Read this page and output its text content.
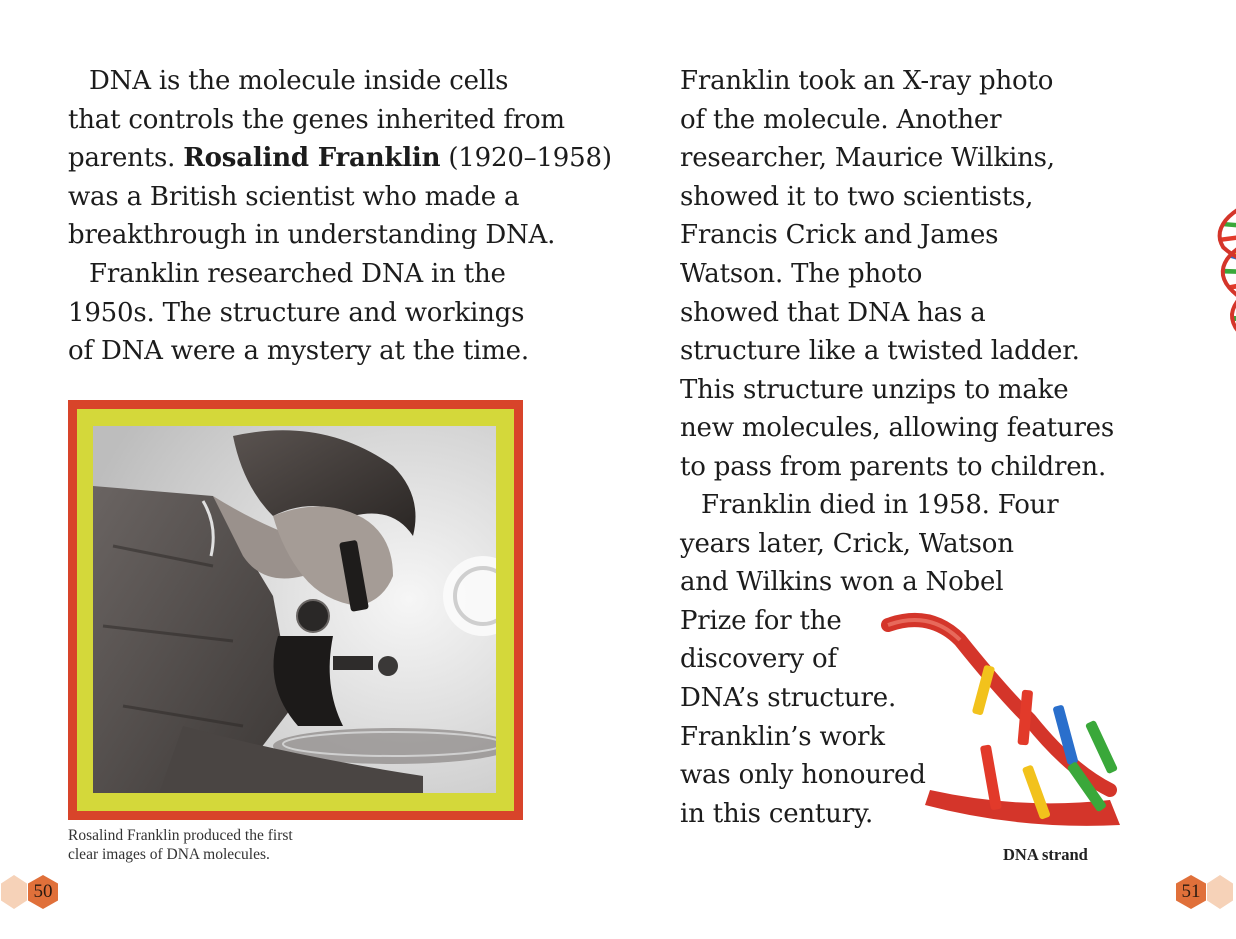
DNA is the molecule inside cells
that controls the genes inherited from
parents. Rosalind Franklin (1920–1958)
was a British scientist who made a
breakthrough in understanding DNA.

Franklin researched DNA in the
1950s. The structure and workings
of DNA were a mystery at the time.

Rosalind Franklin produced the first
clear images of DNA molecules.

Franklin took an X-ray photo
of the molecule. Another
researcher, Maurice Wilkins,
showed it to two scientists,
Francis Crick and James
Watson. The photo
showed that DNA has a
structure like a twisted ladder.
This structure unzips to make
new molecules, allowing features
to pass from parents to children.

Franklin died in 1958. Four
years later, Crick, Watson
and Wilkins won a Nobel
Prize for the
discovery of
DNA’s structure.
Franklin’s work
was only honoured
in this century.

DNA strand
50	51
